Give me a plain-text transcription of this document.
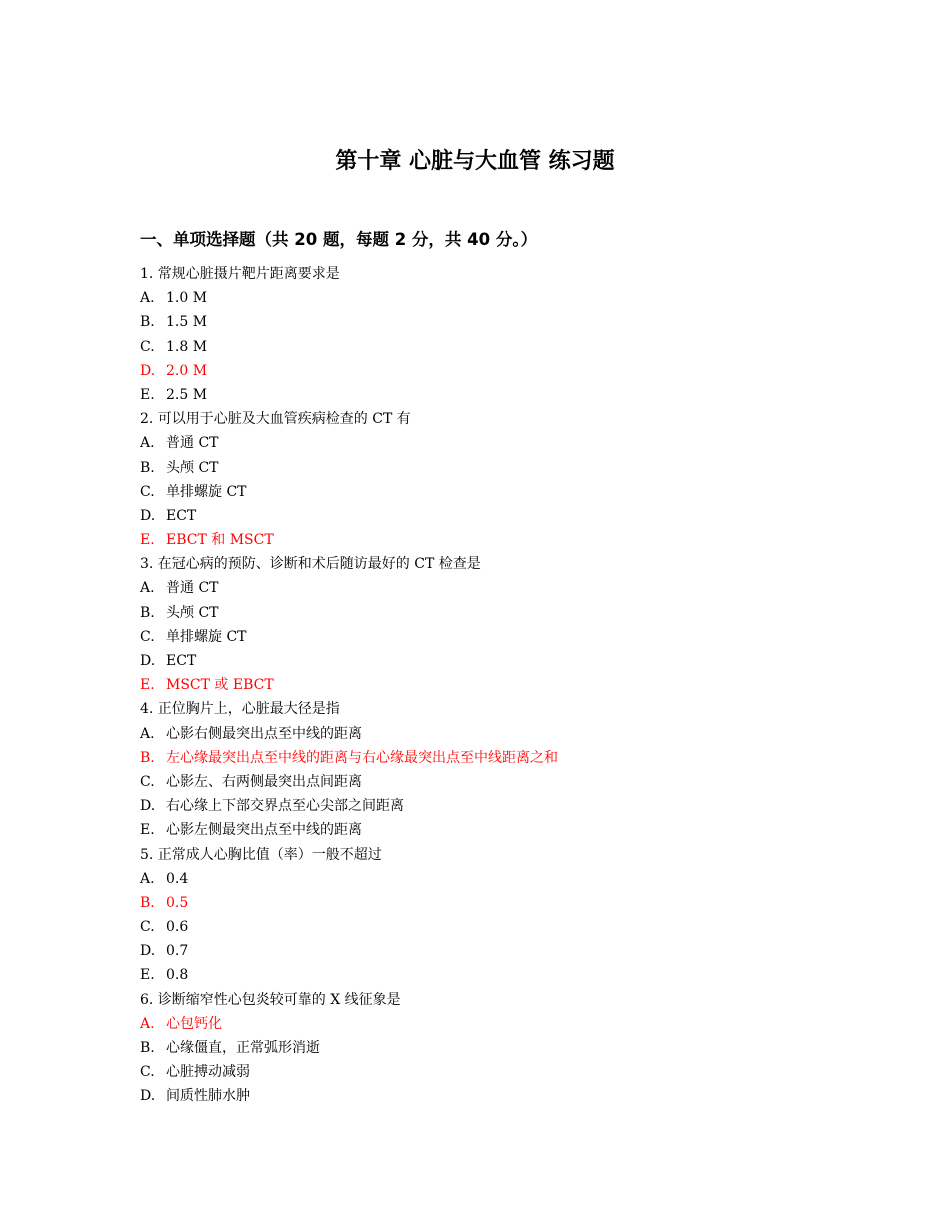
第十章 心脏与大血管 练习题
一、单项选择题（共 20 题，每题 2 分，共 40 分。）
1. 常规心脏摄片靶片距离要求是
A. 1.0 M
B. 1.5 M
C. 1.8 M
D. 2.0 M
E. 2.5 M
2. 可以用于心脏及大血管疾病检查的 CT 有
A. 普通 CT
B. 头颅 CT
C. 单排螺旋 CT
D. ECT
E. EBCT 和 MSCT
3. 在冠心病的预防、诊断和术后随访最好的 CT 检查是
A. 普通 CT
B. 头颅 CT
C. 单排螺旋 CT
D. ECT
E. MSCT 或 EBCT
4. 正位胸片上，心脏最大径是指
A. 心影右侧最突出点至中线的距离
B. 左心缘最突出点至中线的距离与右心缘最突出点至中线距离之和
C. 心影左、右两侧最突出点间距离
D. 右心缘上下部交界点至心尖部之间距离
E. 心影左侧最突出点至中线的距离
5. 正常成人心胸比值（率）一般不超过
A. 0.4
B. 0.5
C. 0.6
D. 0.7
E. 0.8
6. 诊断缩窄性心包炎较可靠的 X 线征象是
A. 心包钙化
B. 心缘僵直，正常弧形消逝
C. 心脏搏动减弱
D. 间质性肺水肿
